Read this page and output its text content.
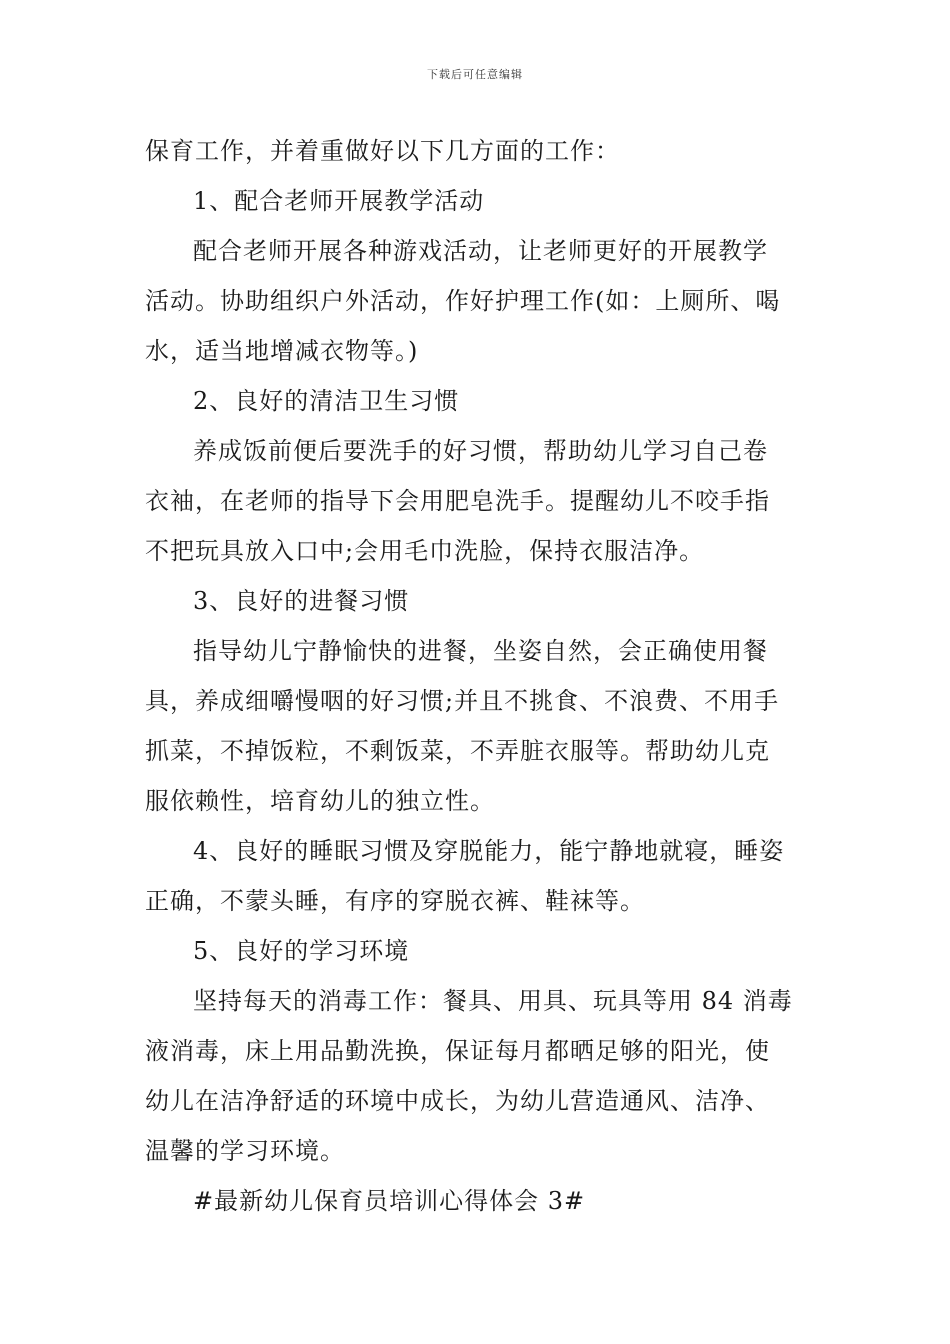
下载后可任意编辑
保育工作，并着重做好以下几方面的工作：
1、配合老师开展教学活动
配合老师开展各种游戏活动，让老师更好的开展教学
活动。协助组织户外活动，作好护理工作(如：上厕所、喝
水，适当地增减衣物等。)
2、良好的清洁卫生习惯
养成饭前便后要洗手的好习惯，帮助幼儿学习自己卷
衣袖，在老师的指导下会用肥皂洗手。提醒幼儿不咬手指
不把玩具放入口中;会用毛巾洗脸，保持衣服洁净。
3、良好的进餐习惯
指导幼儿宁静愉快的进餐，坐姿自然，会正确使用餐
具，养成细嚼慢咽的好习惯;并且不挑食、不浪费、不用手
抓菜，不掉饭粒，不剩饭菜，不弄脏衣服等。帮助幼儿克
服依赖性，培育幼儿的独立性。
4、良好的睡眠习惯及穿脱能力，能宁静地就寝，睡姿
正确，不蒙头睡，有序的穿脱衣裤、鞋袜等。
5、良好的学习环境
坚持每天的消毒工作：餐具、用具、玩具等用 84 消毒
液消毒，床上用品勤洗换，保证每月都晒足够的阳光，使
幼儿在洁净舒适的环境中成长，为幼儿营造通风、洁净、
温馨的学习环境。
#最新幼儿保育员培训心得体会 3#
